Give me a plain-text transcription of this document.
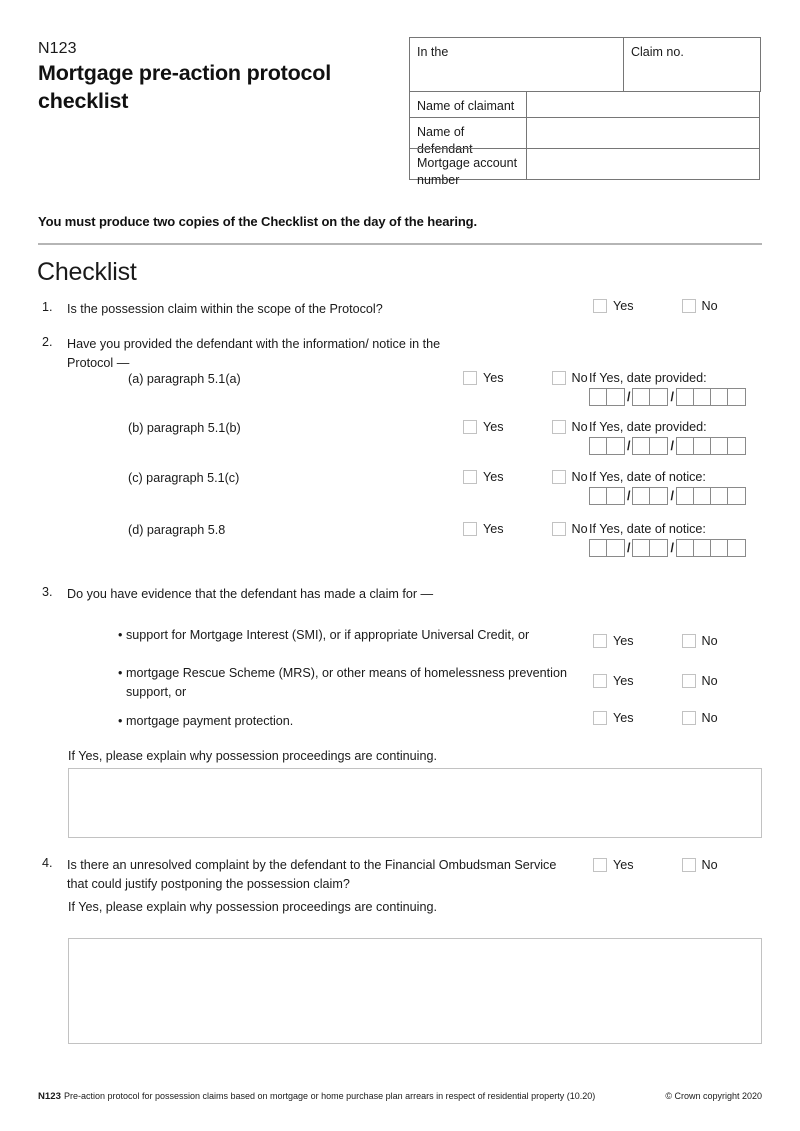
N123
Mortgage pre-action protocol checklist
In the	Claim no.
Name of claimant
Name of defendant
Mortgage account number
You must produce two copies of the Checklist on the day of the hearing.
Checklist
1. Is the possession claim within the scope of the Protocol?	Yes	No
2. Have you provided the defendant with the information/ notice in the Protocol —
(a) paragraph 5.1(a)	Yes	No If Yes, date provided:
/	/
(b) paragraph 5.1(b)	Yes	No If Yes, date provided:
/	/
(c) paragraph 5.1(c)	Yes	No If Yes, date of notice:
/	/
(d) paragraph 5.8	Yes	No If Yes, date of notice:
/	/
3. Do you have evidence that the defendant has made a claim for —
• support for Mortgage Interest (SMI), or if appropriate Universal Credit, or	Yes	No
• mortgage Rescue Scheme (MRS), or other means of homelessness prevention support, or
Yes	No
• mortgage payment protection.	Yes	No
If Yes, please explain why possession proceedings are continuing.
4. Is there an unresolved complaint by the defendant to the Financial Ombudsman Service that could justify postponing the possession claim?
Yes	No
If Yes, please explain why possession proceedings are continuing.
N123 Pre-action protocol for possession claims based on mortgage or home purchase plan arrears in respect of residential property (10.20)	© Crown copyright 2020
